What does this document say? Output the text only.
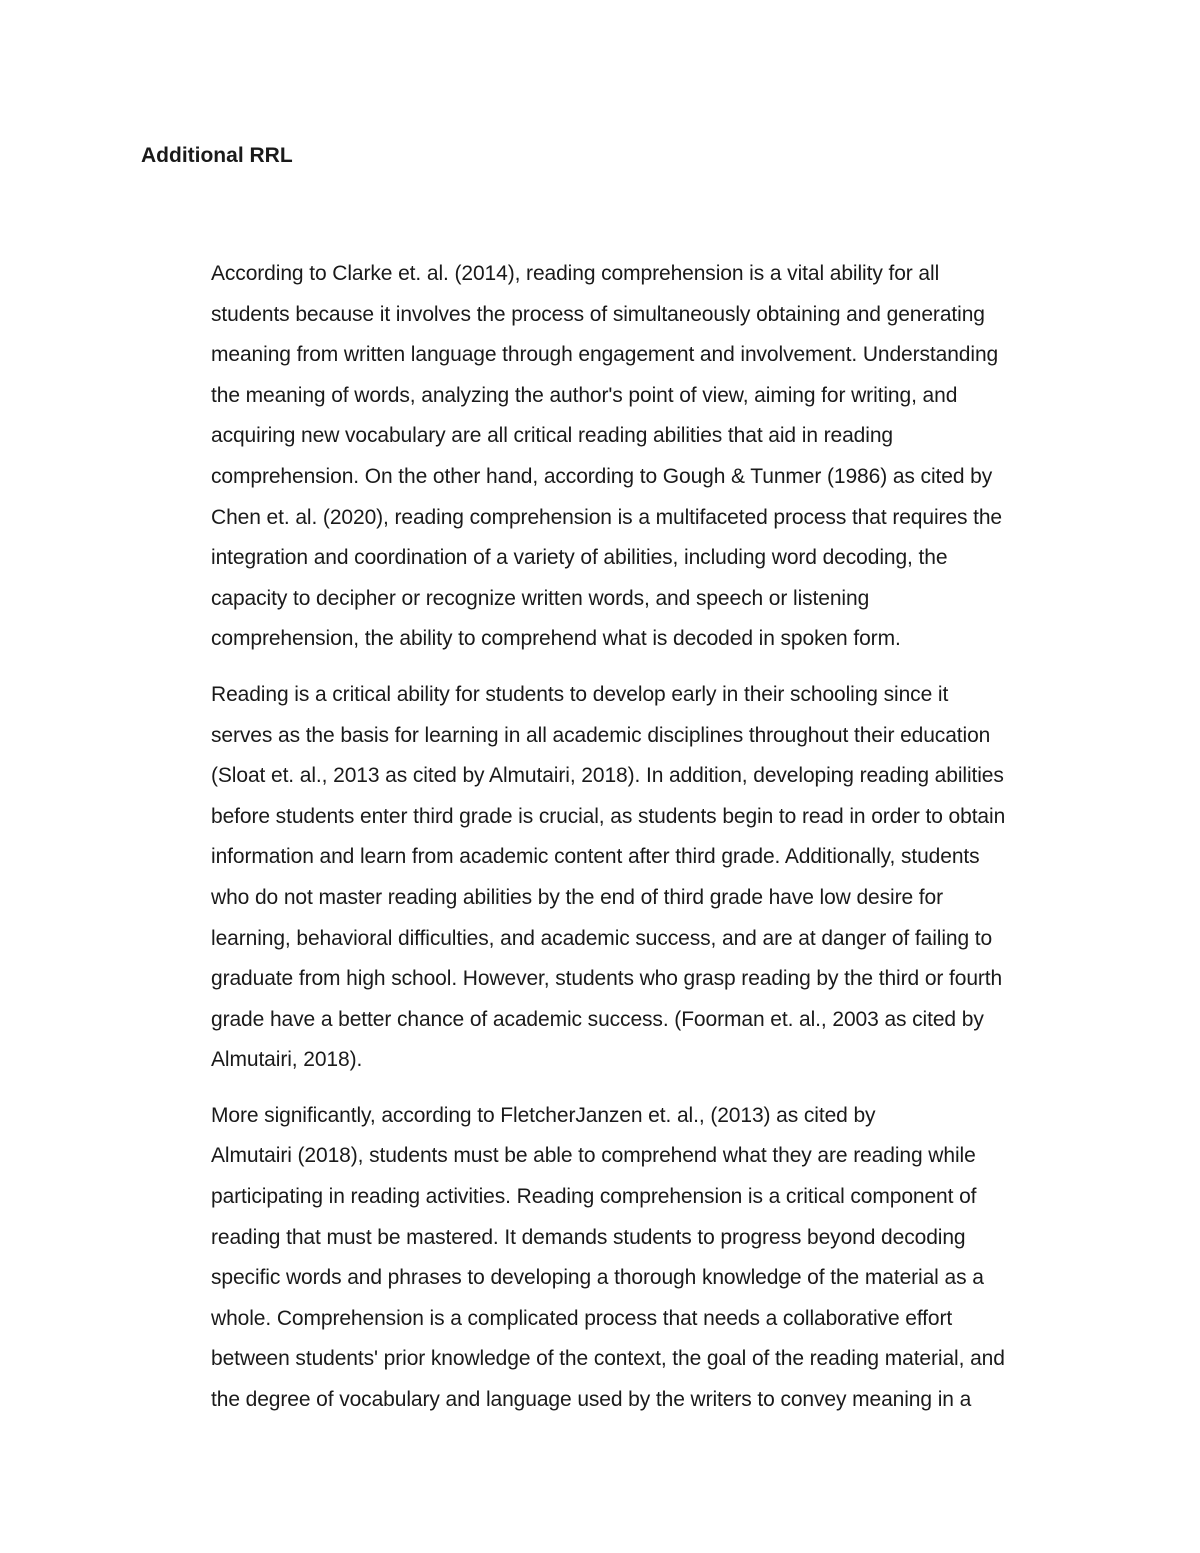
Additional RRL

According to Clarke et. al. (2014), reading comprehension is a vital ability for all
students because it involves the process of simultaneously obtaining and generating
meaning from written language through engagement and involvement. Understanding
the meaning of words, analyzing the author's point of view, aiming for writing, and
acquiring new vocabulary are all critical reading abilities that aid in reading
comprehension. On the other hand, according to Gough & Tunmer (1986) as cited by
Chen et. al. (2020), reading comprehension is a multifaceted process that requires the
integration and coordination of a variety of abilities, including word decoding, the
capacity to decipher or recognize written words, and speech or listening
comprehension, the ability to comprehend what is decoded in spoken form.

Reading is a critical ability for students to develop early in their schooling since it
serves as the basis for learning in all academic disciplines throughout their education
(Sloat et. al., 2013 as cited by Almutairi, 2018). In addition, developing reading abilities
before students enter third grade is crucial, as students begin to read in order to obtain
information and learn from academic content after third grade. Additionally, students
who do not master reading abilities by the end of third grade have low desire for
learning, behavioral difficulties, and academic success, and are at danger of failing to
graduate from high school. However, students who grasp reading by the third or fourth
grade have a better chance of academic success. (Foorman et. al., 2003 as cited by
Almutairi, 2018).

More significantly, according to FletcherJanzen et. al., (2013) as cited by
Almutairi (2018), students must be able to comprehend what they are reading while
participating in reading activities. Reading comprehension is a critical component of
reading that must be mastered. It demands students to progress beyond decoding
specific words and phrases to developing a thorough knowledge of the material as a
whole. Comprehension is a complicated process that needs a collaborative effort
between students' prior knowledge of the context, the goal of the reading material, and
the degree of vocabulary and language used by the writers to convey meaning in a
